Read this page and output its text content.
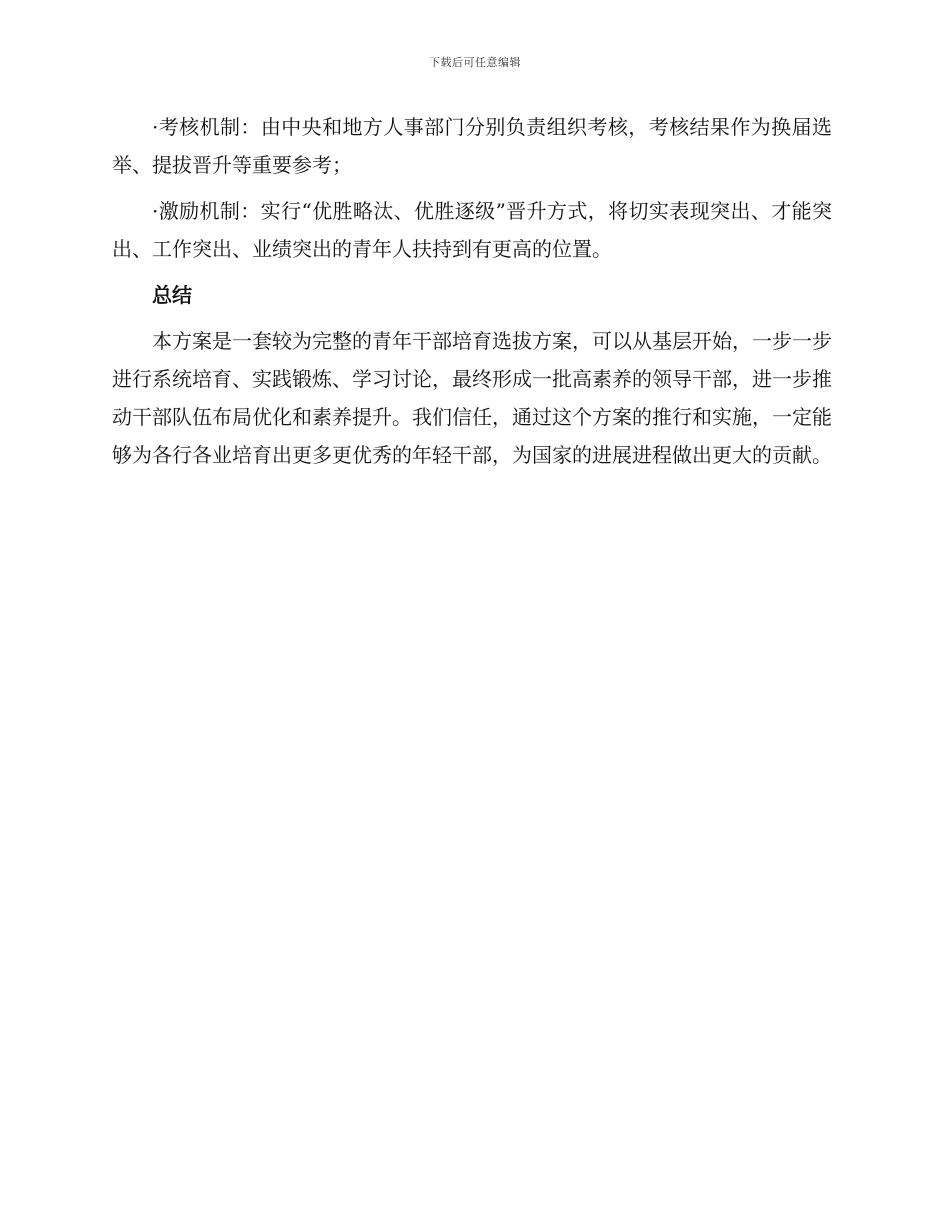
下载后可任意编辑

·考核机制：由中央和地方人事部门分别负责组织考核，考核结果作为换届选举、提拔晋升等重要参考；

·激励机制：实行“优胜略汰、优胜逐级”晋升方式，将切实表现突出、才能突出、工作突出、业绩突出的青年人扶持到有更高的位置。

总结

本方案是一套较为完整的青年干部培育选拔方案，可以从基层开始，一步一步进行系统培育、实践锻炼、学习讨论，最终形成一批高素养的领导干部，进一步推动干部队伍布局优化和素养提升。我们信任，通过这个方案的推行和实施，一定能够为各行各业培育出更多更优秀的年轻干部，为国家的进展进程做出更大的贡献。
